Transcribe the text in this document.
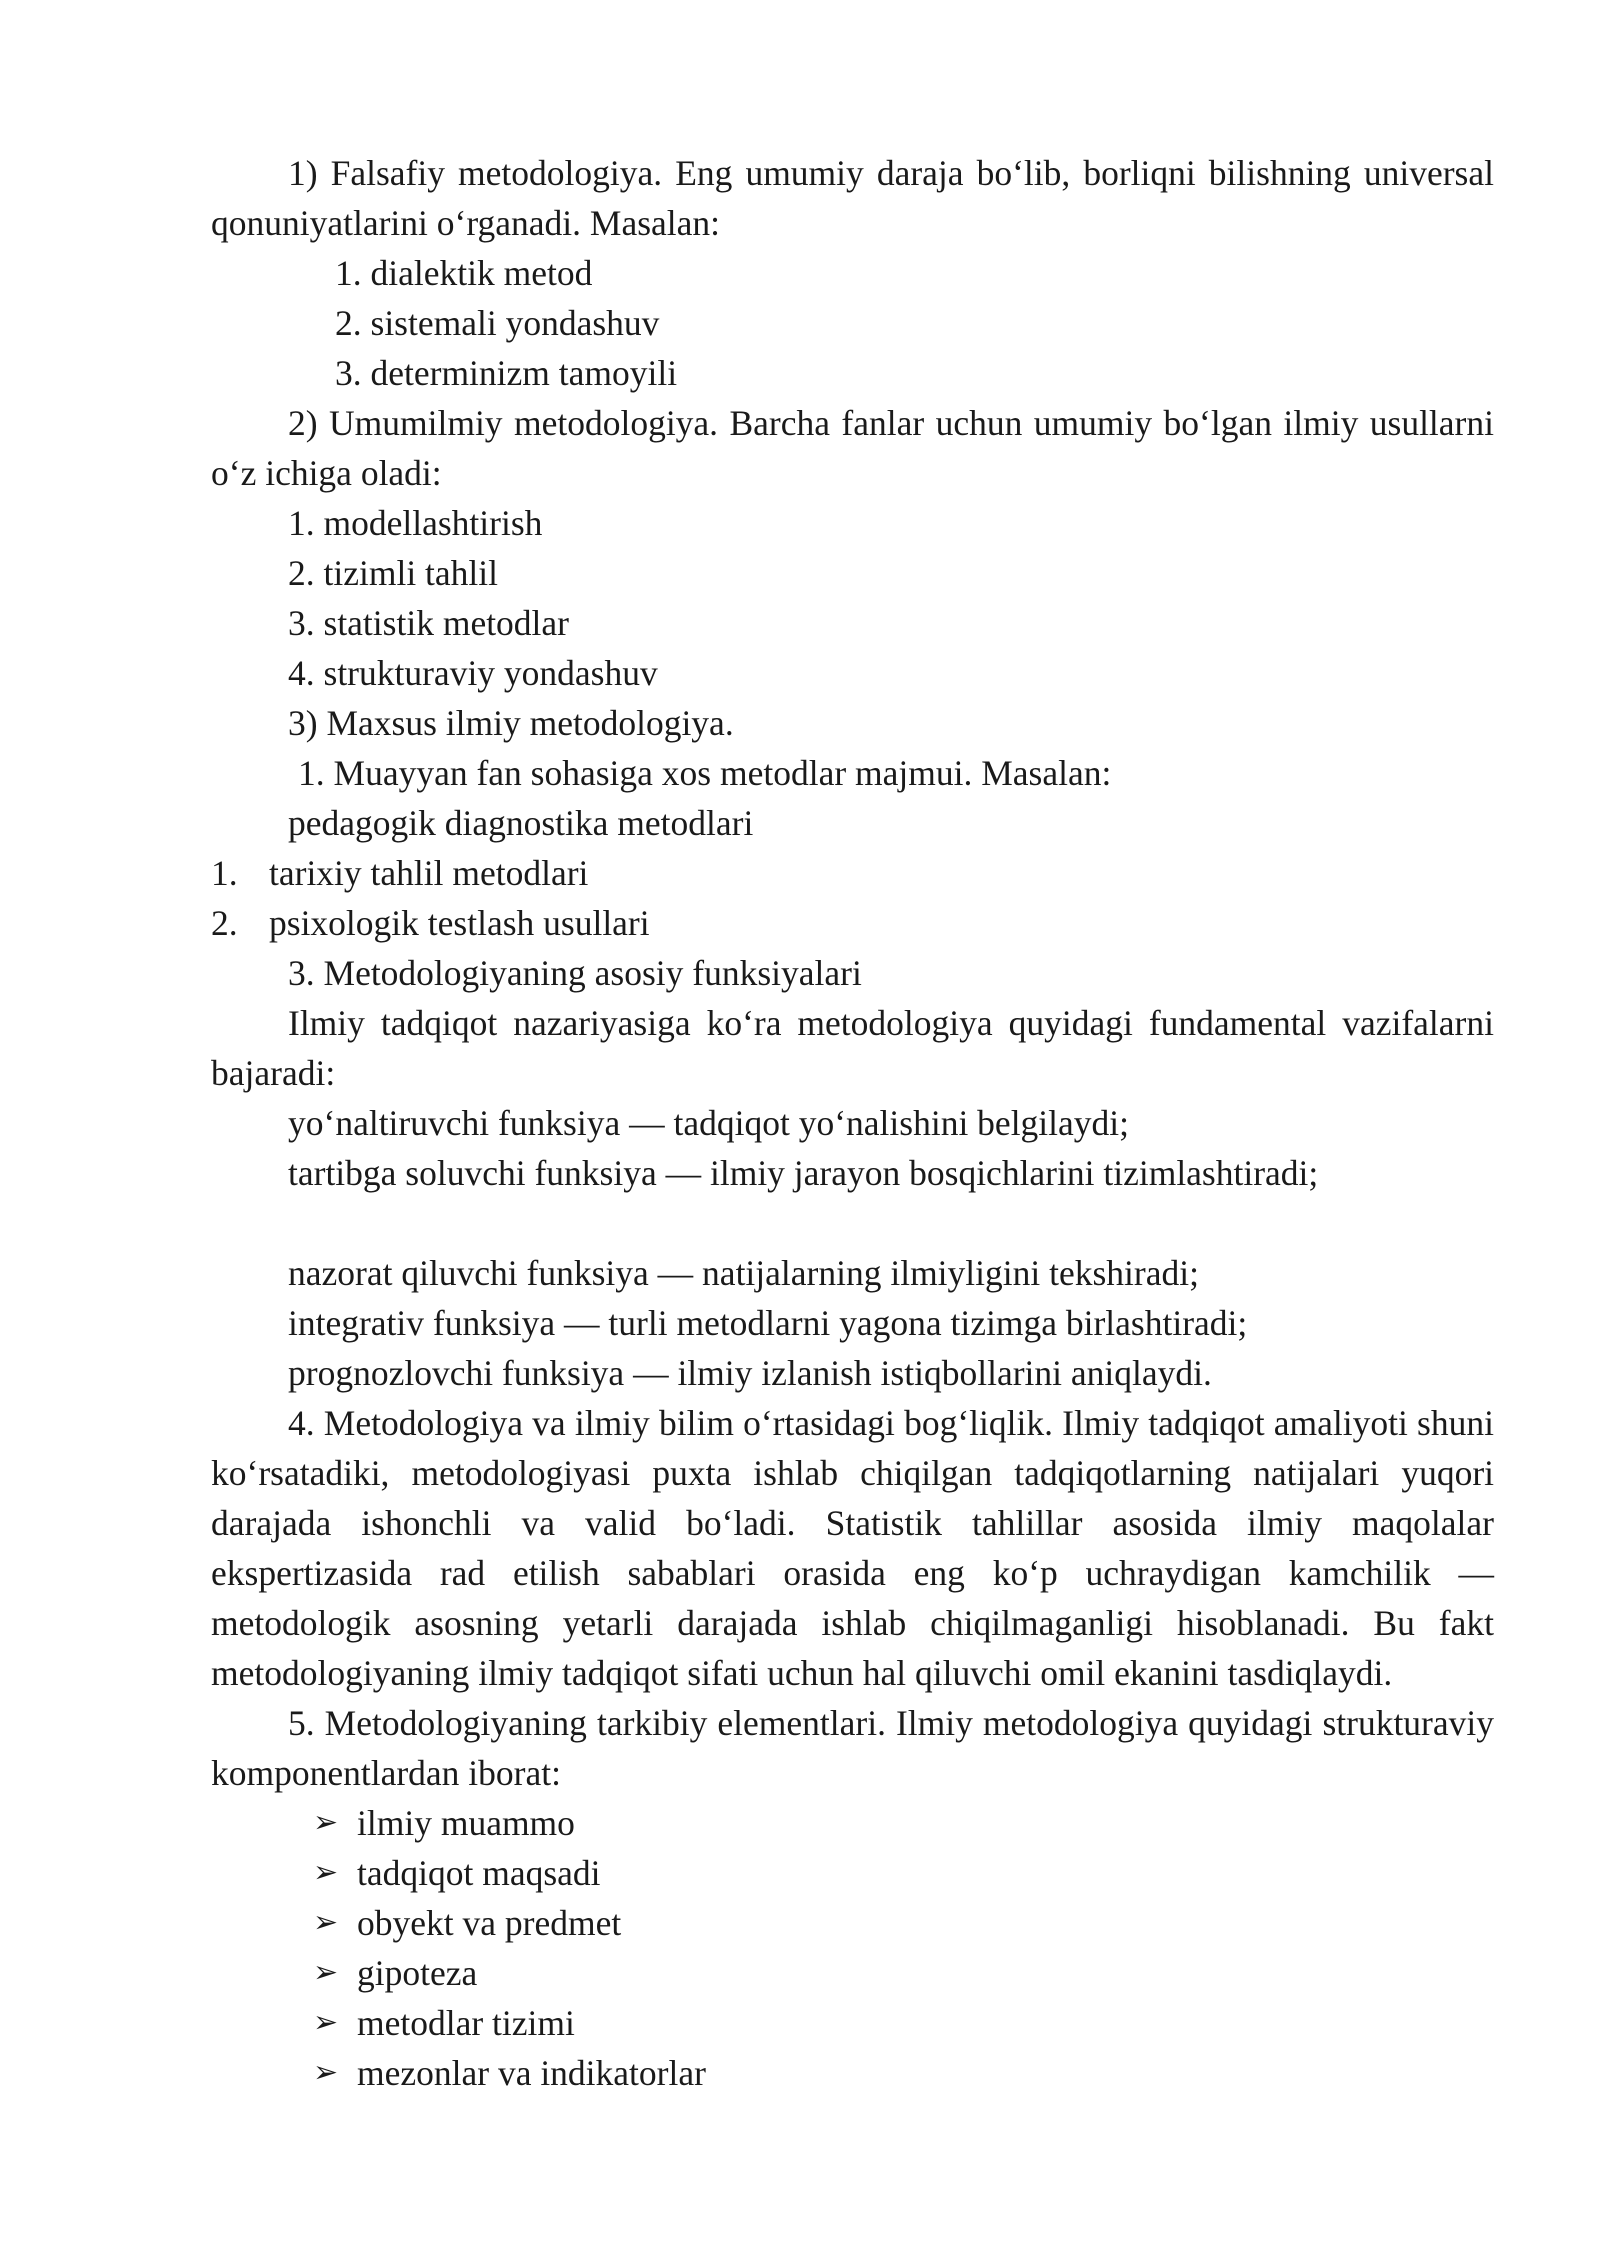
1) Falsafiy metodologiya. Eng umumiy daraja bo‘lib, borliqni bilishning universal qonuniyatlarini o‘rganadi. Masalan:

1. dialektik metod

2. sistemali yondashuv

3. determinizm tamoyili

2) Umumilmiy metodologiya. Barcha fanlar uchun umumiy bo‘lgan ilmiy usullarni o‘z ichiga oladi:

1. modellashtirish

2. tizimli tahlil

3. statistik metodlar

4. strukturaviy yondashuv

3) Maxsus ilmiy metodologiya.

1. Muayyan fan sohasiga xos metodlar majmui. Masalan:

pedagogik diagnostika metodlari

1. tarixiy tahlil metodlari

2. psixologik testlash usullari

3. Metodologiyaning asosiy funksiyalari

Ilmiy tadqiqot nazariyasiga ko‘ra metodologiya quyidagi fundamental vazifalarni bajaradi:

yo‘naltiruvchi funksiya — tadqiqot yo‘nalishini belgilaydi;

tartibga soluvchi funksiya — ilmiy jarayon bosqichlarini tizimlashtiradi;

nazorat qiluvchi funksiya — natijalarning ilmiyligini tekshiradi;

integrativ funksiya — turli metodlarni yagona tizimga birlashtiradi;

prognozlovchi funksiya — ilmiy izlanish istiqbollarini aniqlaydi.

4. Metodologiya va ilmiy bilim o‘rtasidagi bog‘liqlik. Ilmiy tadqiqot amaliyoti shuni ko‘rsatadiki, metodologiyasi puxta ishlab chiqilgan tadqiqotlarning natijalari yuqori darajada ishonchli va valid bo‘ladi. Statistik tahlillar asosida ilmiy maqolalar ekspertizasida rad etilish sabablari orasida eng ko‘p uchraydigan kamchilik — metodologik asosning yetarli darajada ishlab chiqilmaganligi hisoblanadi. Bu fakt metodologiyaning ilmiy tadqiqot sifati uchun hal qiluvchi omil ekanini tasdiqlaydi.

5. Metodologiyaning tarkibiy elementlari. Ilmiy metodologiya quyidagi strukturaviy komponentlardan iborat:

➢ ilmiy muammo

➢ tadqiqot maqsadi

➢ obyekt va predmet

➢ gipoteza

➢ metodlar tizimi

➢ mezonlar va indikatorlar
